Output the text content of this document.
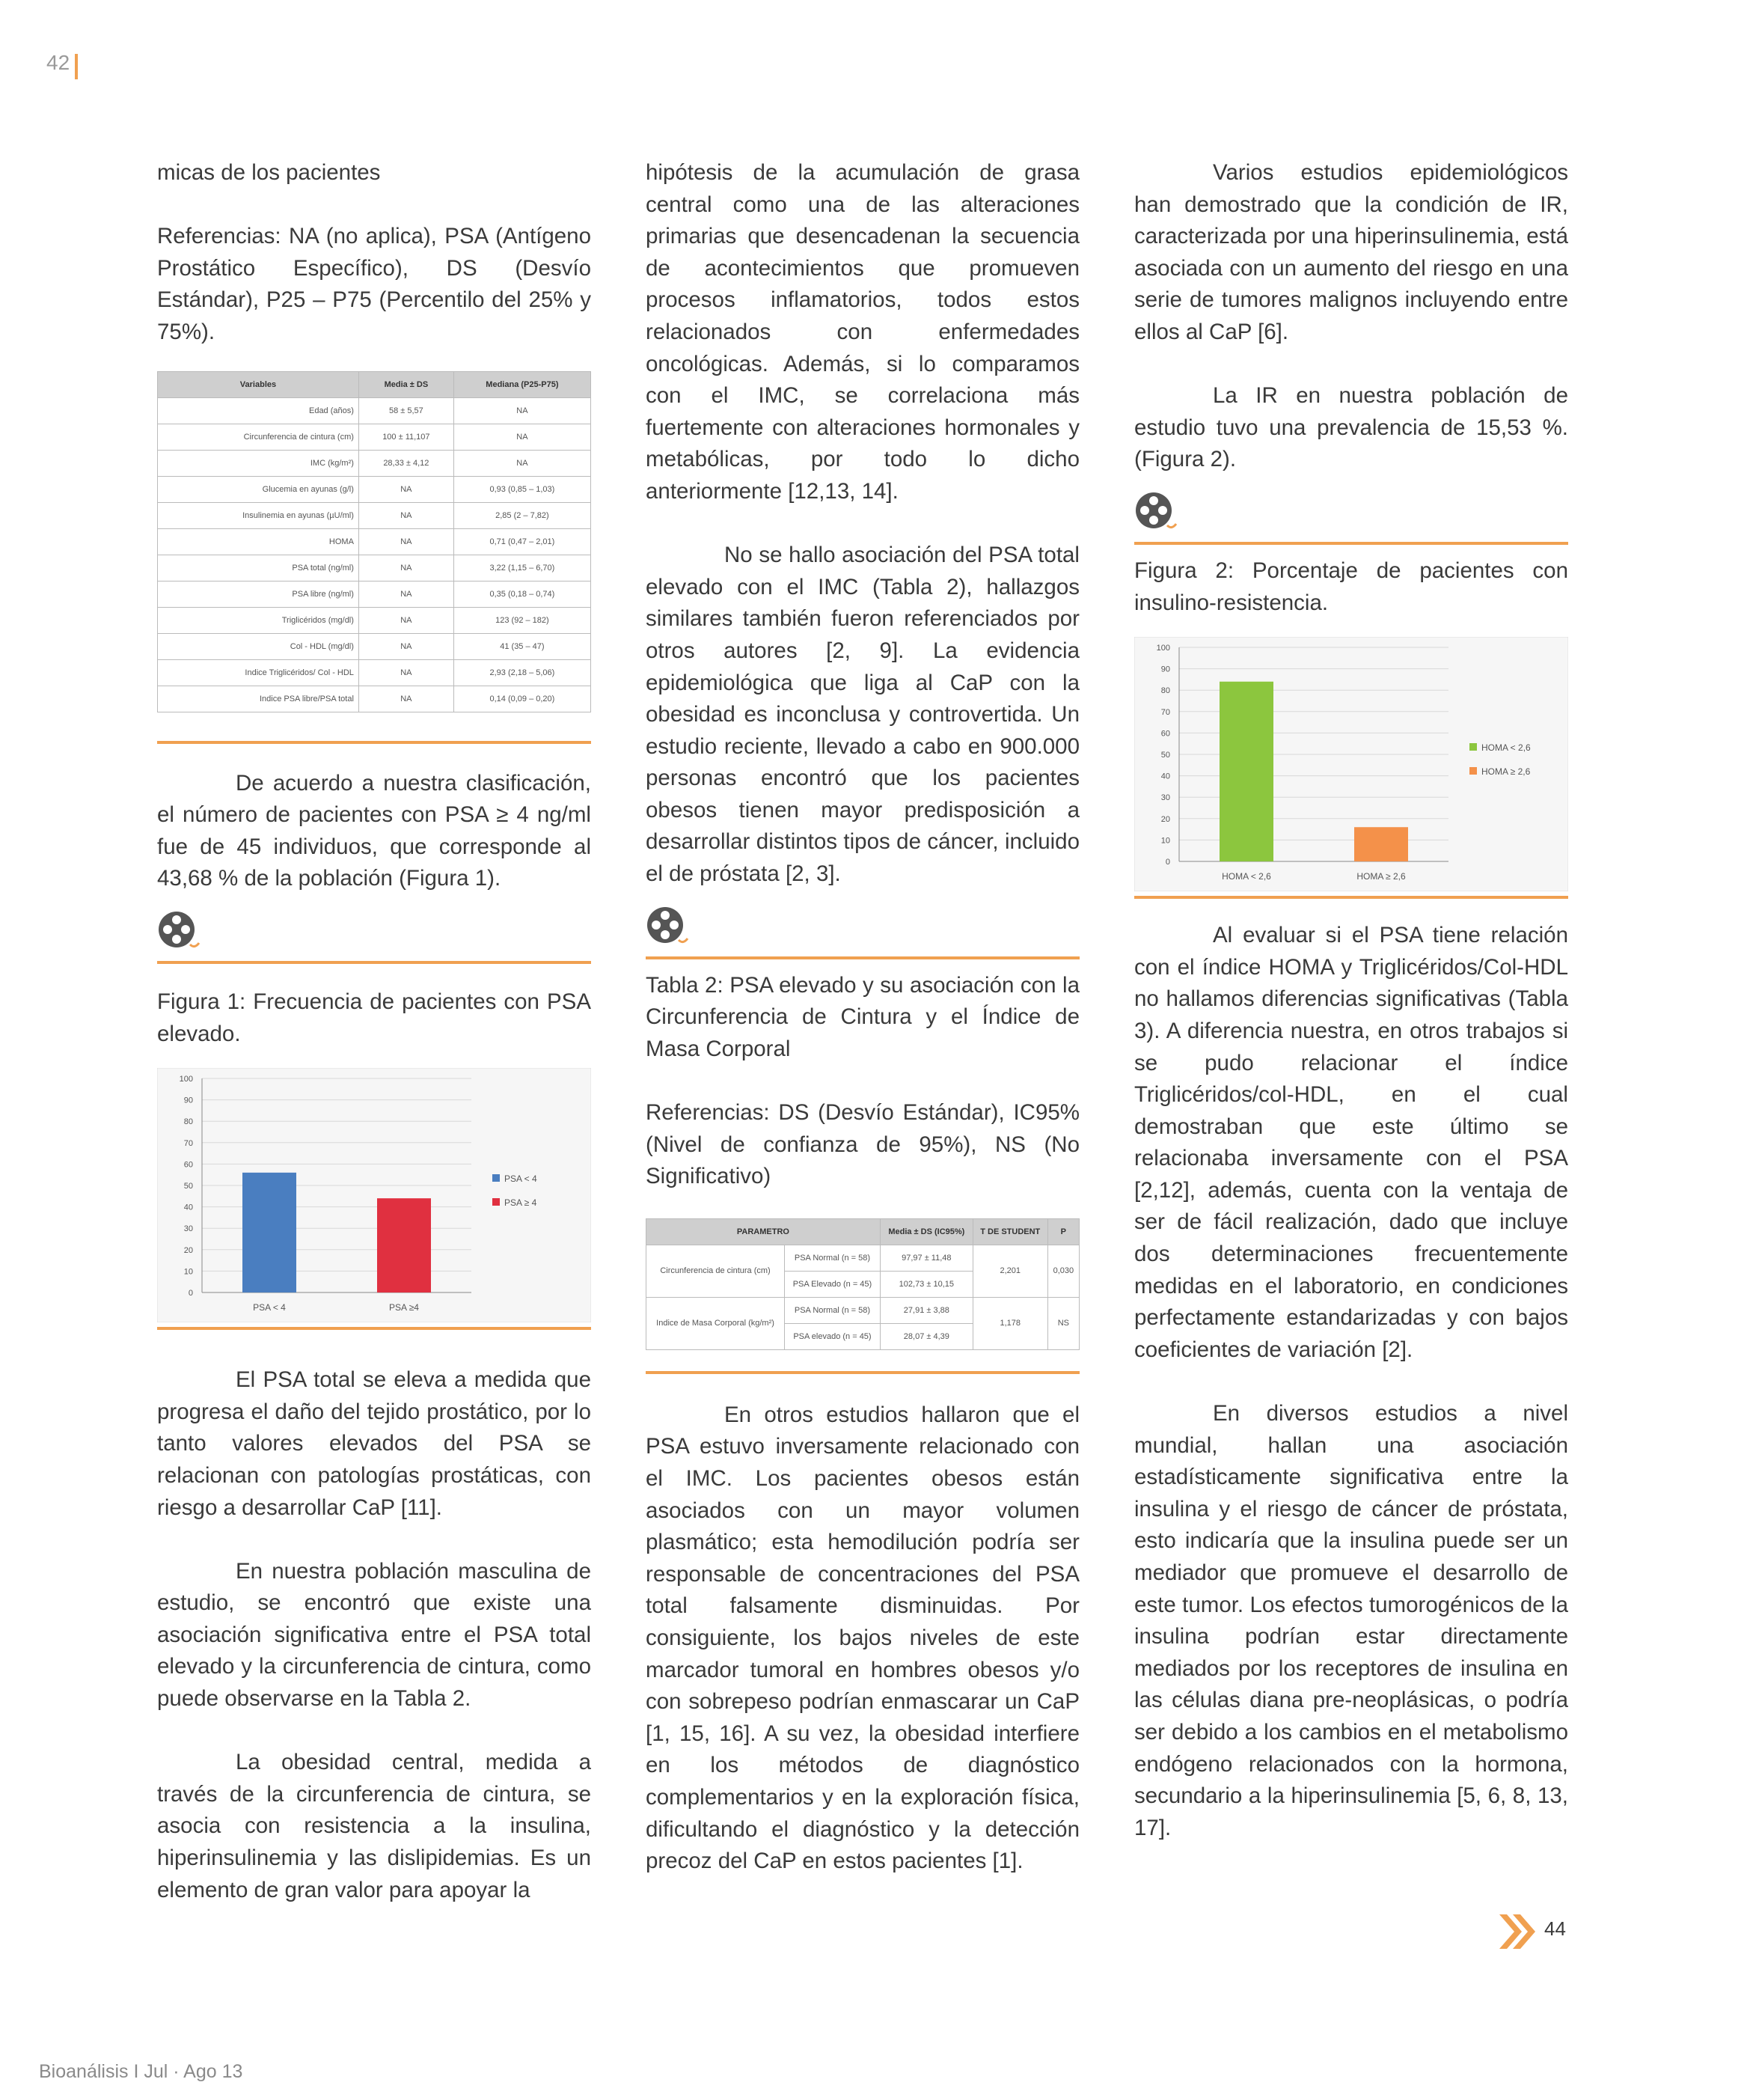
42

micas de los pacientes

Referencias: NA (no aplica), PSA (Antígeno Prostático Específico), DS (Desvío Estándar), P25 – P75 (Percentilo del 25% y 75%).

Variables	Media ± DS	Mediana (P25-P75)
Edad (años)	58 ± 5,57	NA
Circunferencia de cintura (cm)	100 ± 11,107	NA
IMC (kg/m²)	28,33 ± 4,12	NA
Glucemia en ayunas (g/l)	NA	0,93 (0,85 – 1,03)
Insulinemia en ayunas (µU/ml)	NA	2,85 (2 – 7,82)
HOMA	NA	0,71 (0,47 – 2,01)
PSA total (ng/ml)	NA	3,22 (1,15 – 6,70)
PSA libre (ng/ml)	NA	0,35 (0,18 – 0,74)
Triglicéridos (mg/dl)	NA	123 (92 – 182)
Col - HDL (mg/dl)	NA	41 (35 – 47)
Indice Triglicéridos/ Col - HDL	NA	2,93 (2,18 – 5,06)
Indice PSA libre/PSA total	NA	0,14 (0,09 – 0,20)

De acuerdo a nuestra clasificación, el número de pacientes con PSA ≥ 4 ng/ml fue de 45 individuos, que corresponde al 43,68 % de la población (Figura 1).

Figura 1: Frecuencia de pacientes con PSA elevado.

0
10
20
30
40
50
60
70
80
90
100
PSA < 4	PSA ≥4
PSA < 4
PSA ≥ 4

El PSA total se eleva a medida que progresa el daño del tejido prostático, por lo tanto valores elevados del PSA se relacionan con patologías prostáticas, con riesgo a desarrollar CaP [11].

En nuestra población masculina de estudio, se encontró que existe una asociación significativa entre el PSA total elevado y la circunferencia de cintura, como puede observarse en la Tabla 2.

La obesidad central, medida a través de la circunferencia de cintura, se asocia con resistencia a la insulina, hiperinsulinemia y las dislipidemias. Es un elemento de gran valor para apoyar la

hipótesis de la acumulación de grasa central como una de las alteraciones primarias que desencadenan la secuencia de acontecimientos que promueven procesos inflamatorios, todos estos relacionados con enfermedades oncológicas. Además, si lo comparamos con el IMC, se correlaciona más fuertemente con alteraciones hormonales y metabólicas, por todo lo dicho anteriormente [12,13, 14].

No se hallo asociación del PSA total elevado con el IMC (Tabla 2), hallazgos similares también fueron referenciados por otros autores [2, 9]. La evidencia epidemiológica que liga al CaP con la obesidad es inconclusa y controvertida. Un estudio reciente, llevado a cabo en 900.000 personas encontró que los pacientes obesos tienen mayor predisposición a desarrollar distintos tipos de cáncer, incluido el de próstata [2, 3].

Tabla 2: PSA elevado y su asociación con la Circunferencia de Cintura y el Índice de Masa Corporal

Referencias: DS (Desvío Estándar), IC95% (Nivel de confianza de 95%), NS (No Significativo)

PARAMETRO		Media ± DS (IC95%)	T DE STUDENT	P
Circunferencia de cintura (cm)	PSA Normal (n = 58)	97,97 ± 11,48	2,201	0,030
	PSA Elevado (n = 45)	102,73 ± 10,15		
Indice de Masa Corporal (kg/m²)	PSA Normal (n = 58)	27,91 ± 3,88	1,178	NS
	PSA elevado (n = 45)	28,07 ± 4,39		

En otros estudios hallaron que el PSA estuvo inversamente relacionado con el IMC. Los pacientes obesos están asociados con un mayor volumen plasmático; esta hemodilución podría ser responsable de concentraciones del PSA total falsamente disminuidas. Por consiguiente, los bajos niveles de este marcador tumoral en hombres obesos y/o con sobrepeso podrían enmascarar un CaP [1, 15, 16]. A su vez, la obesidad interfiere en los métodos de diagnóstico complementarios y en la exploración física, dificultando el diagnóstico y la detección precoz del CaP en estos pacientes [1].

Varios estudios epidemiológicos han demostrado que la condición de IR, caracterizada por una hiperinsulinemia, está asociada con un aumento del riesgo en una serie de tumores malignos incluyendo entre ellos al CaP [6].

La IR en nuestra población de estudio tuvo una prevalencia de 15,53 %. (Figura 2).

Figura 2: Porcentaje de pacientes con insulino-resistencia.

0
10
20
30
40
50
60
70
80
90
100
HOMA < 2,6	HOMA ≥ 2,6
HOMA < 2,6
HOMA ≥ 2,6

Al evaluar si el PSA tiene relación con el índice HOMA y Triglicéridos/Col-HDL no hallamos diferencias significativas (Tabla 3). A diferencia nuestra, en otros trabajos si se pudo relacionar el índice Triglicéridos/col-HDL, en el cual demostraban que este último se relacionaba inversamente con el PSA [2,12], además, cuenta con la ventaja de ser de fácil realización, dado que incluye dos determinaciones frecuentemente medidas en el laboratorio, en condiciones perfectamente estandarizadas y con bajos coeficientes de variación [2].

En diversos estudios a nivel mundial, hallan una asociación estadísticamente significativa entre la insulina y el riesgo de cáncer de próstata, esto indicaría que la insulina puede ser un mediador que promueve el desarrollo de este tumor. Los efectos tumorogénicos de la insulina podrían estar directamente mediados por los receptores de insulina en las células diana pre-neoplásicas, o podría ser debido a los cambios en el metabolismo endógeno relacionados con la hormona, secundario a la hiperinsulinemia [5, 6, 8, 13, 17].

44
Bioanálisis I Jul · Ago 13
